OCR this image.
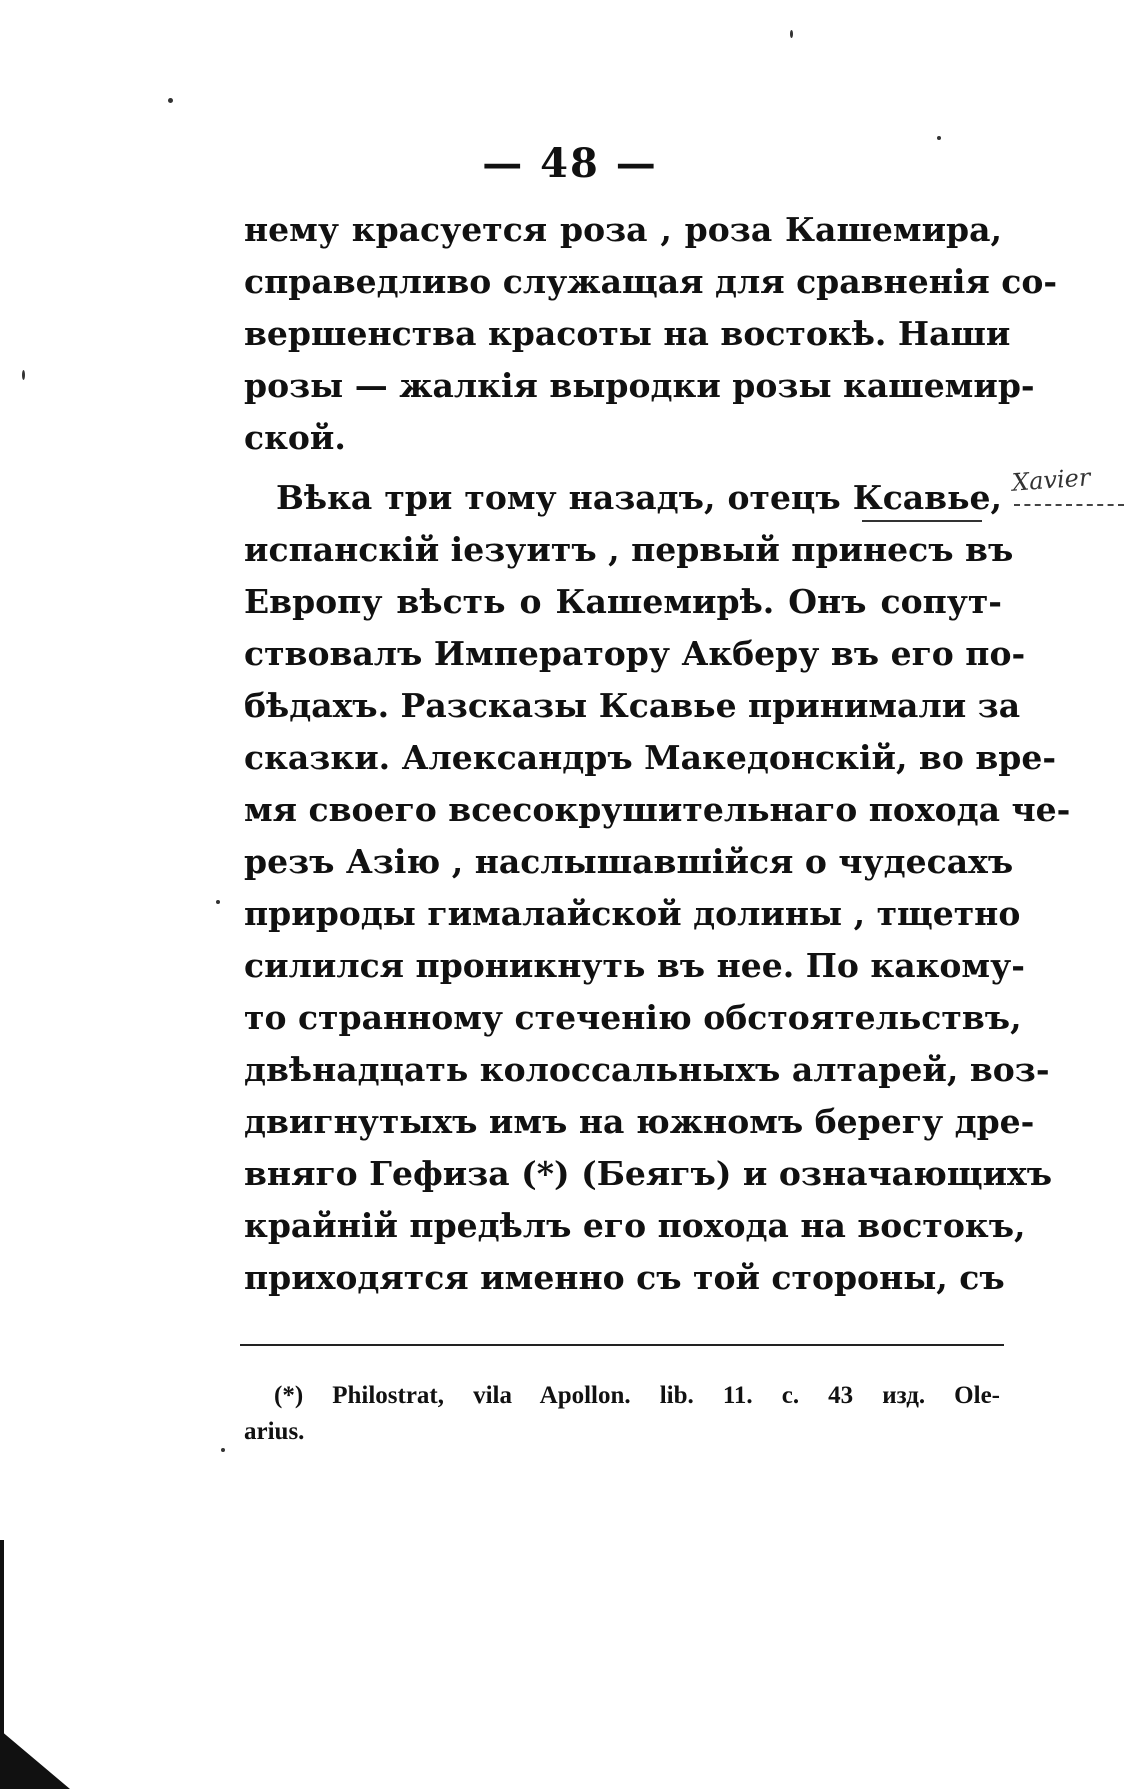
— 48 —
нему красуется роза , роза Кашемира,
справедливо служащая для сравненія со-
вершенства красоты на востокѣ. Наши
розы — жалкія выродки розы кашемир-
ской.
Вѣка три тому назадъ, отецъ Ксавье,
испанскій іезуитъ , первый принесъ въ
Европу вѣсть о Кашемирѣ. Онъ сопут-
ствовалъ Императору Акберу въ его по-
бѣдахъ. Разсказы Ксавье принимали за
сказки. Александръ Македонскій, во вре-
мя своего всесокрушительнаго похода че-
резъ Азію , наслышавшійся о чудесахъ
природы гималайской долины , тщетно
силился проникнуть въ нее. По какому-
то странному стеченію обстоятельствъ,
двѣнадцать колоссальныхъ алтарей, воз-
двигнутыхъ имъ на южномъ берегу дре-
вняго Гефиза (*) (Беягъ) и означающихъ
крайній предѣлъ его похода на востокъ,
приходятся именно съ той стороны, съ
Xavier
(*) Philostrat, vila Apollon. lib. 11. c. 43 изд. Ole-
arius.
